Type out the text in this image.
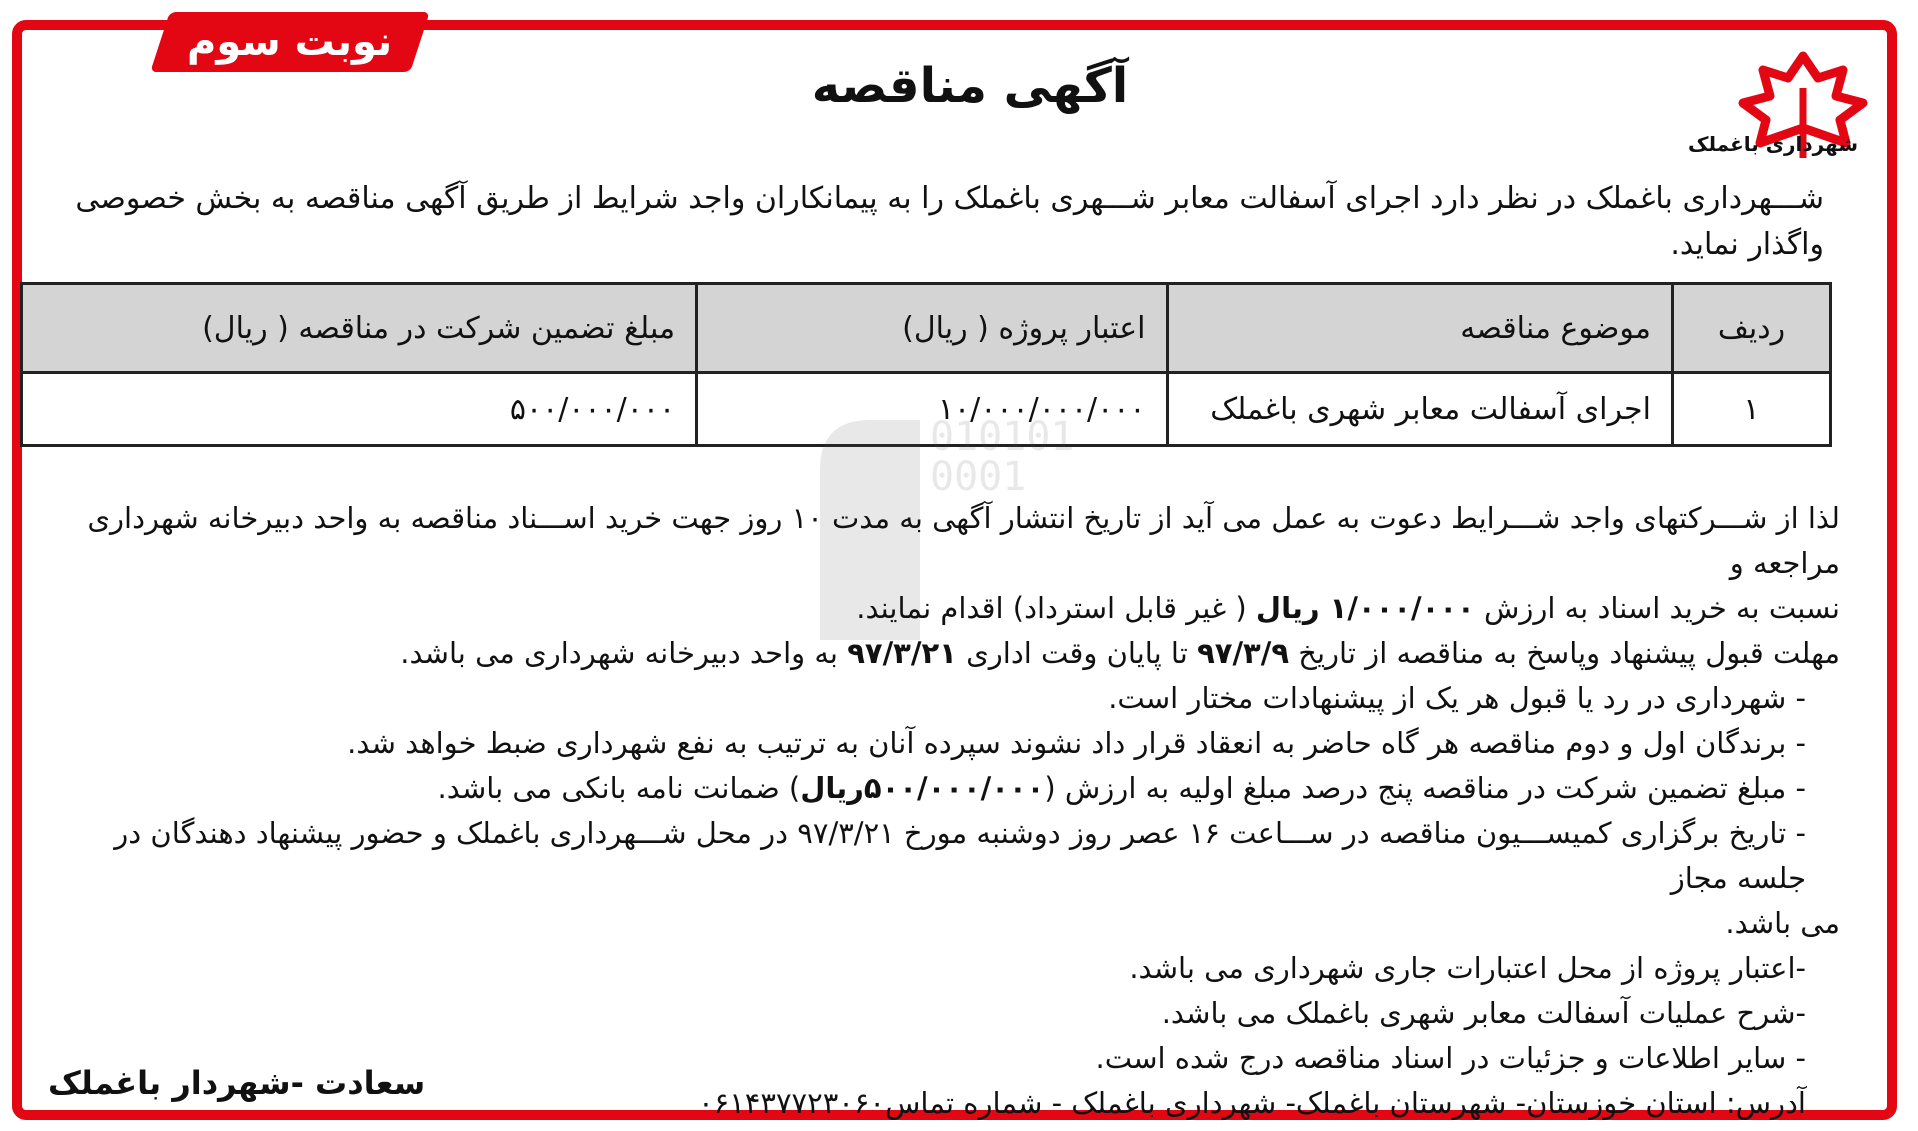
نوبت سوم
آگهی مناقصه
شهرداری باغملک
شـــهرداری باغملک در نظر دارد اجرای آسفالت معابر شـــهری باغملک را به پیمانکاران واجد شرایط از طریق آگهی مناقصه به بخش خصوصی
واگذار نماید.
ردیف	موضوع مناقصه	اعتبار پروژه ( ریال)	مبلغ تضمین شرکت در مناقصه ( ریال)
۱	اجرای آسفالت معابر شهری باغملک	۱۰/۰۰۰/۰۰۰/۰۰۰	۵۰۰/۰۰۰/۰۰۰
010101
0001

لذا از شـــرکتهای واجد شـــرایط دعوت به عمل می آید از تاریخ انتشار آگهی به مدت ۱۰ روز جهت خرید اســـناد مناقصه به واحد دبیرخانه شهرداری مراجعه و

نسبت به خرید اسناد به ارزش ۱/۰۰۰/۰۰۰ ریال ( غیر قابل استرداد) اقدام نمایند.

مهلت قبول پیشنهاد وپاسخ به مناقصه از تاریخ ۹۷/۳/۹ تا پایان وقت اداری ۹۷/۳/۲۱ به واحد دبیرخانه شهرداری می باشد.

- شهرداری در رد یا قبول هر یک از پیشنهادات مختار است.

- برندگان اول و دوم مناقصه هر گاه حاضر به انعقاد قرار داد نشوند سپرده آنان به ترتیب به نفع شهرداری ضبط خواهد شد.

- مبلغ تضمین شرکت در مناقصه پنج درصد مبلغ اولیه به ارزش (۵۰۰/۰۰۰/۰۰۰ریال) ضمانت نامه بانکی می باشد.

- تاریخ برگزاری کمیســـیون مناقصه در ســـاعت ۱۶ عصر روز دوشنبه مورخ ۹۷/۳/۲۱ در محل شـــهرداری باغملک و حضور پیشنهاد دهندگان در جلسه مجاز

می باشد.

-اعتبار پروژه از محل اعتبارات جاری شهرداری می باشد.

-شرح عملیات آسفالت معابر شهری باغملک می باشد.

- سایر اطلاعات و جزئیات در اسناد مناقصه درج شده است.

آدرس: استان خوزستان- شهرستان باغملک- شهرداری باغملک - شماره تماس۰۶۱۴۳۷۷۲۳۰۶۰

سعادت -شهردار باغملک
